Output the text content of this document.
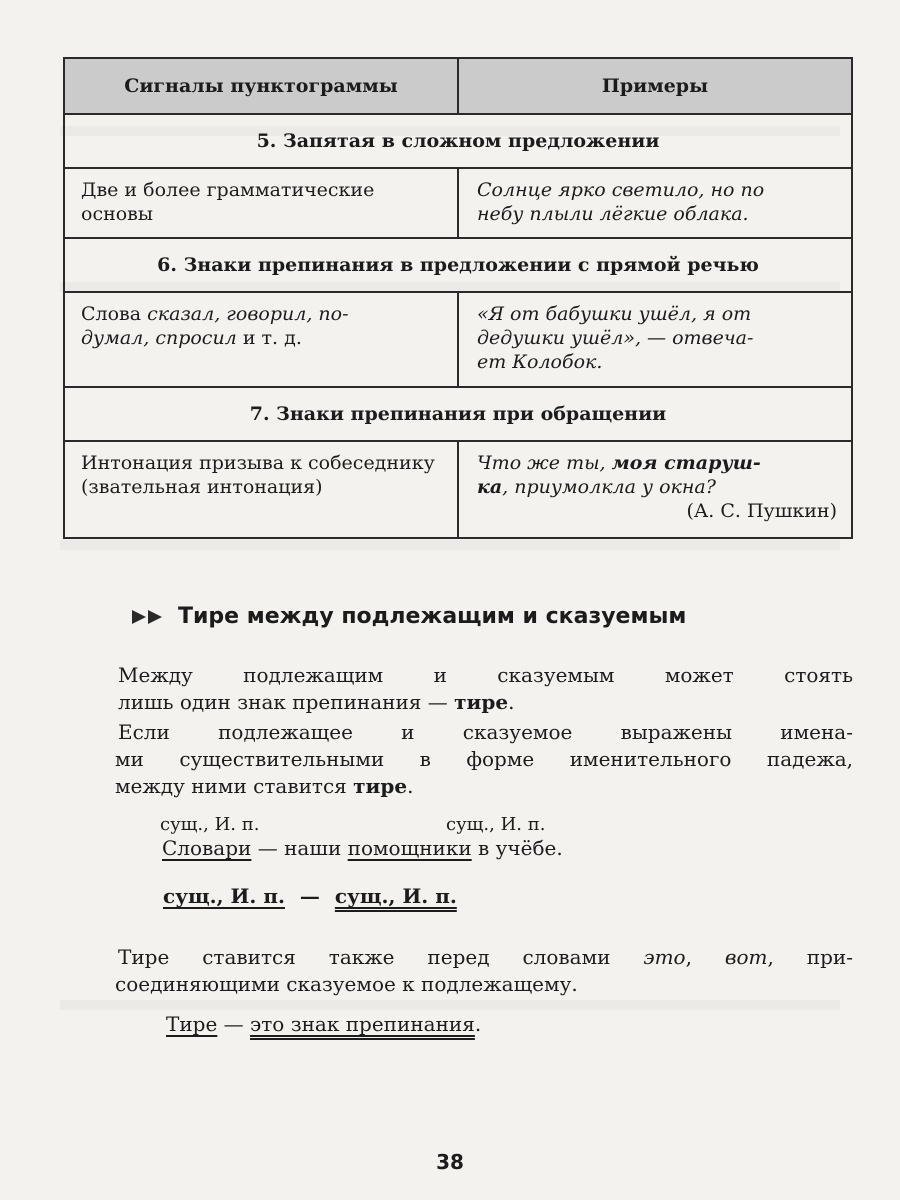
Сигналы пунктограммы	Примеры
5. Запятая в сложном предложении	
Две и более грамматические основы	Солнце ярко светило, но по
небу плыли лёгкие облака.
6. Знаки препинания в предложении с прямой речью	
Слова сказал, говорил, по-
думал, спросил и т. д.	«Я от бабушки ушёл, я от
дедушки ушёл», — отвеча-
ет Колобок.
7. Знаки препинания при обращении	

Интонация призыва к собеседнику (звательная интонация)	Что же ты, моя старуш-
ка, приумолкла у окна?
(А. С. Пушкин)
Тире между подлежащим и сказуемым
Между подлежащим и сказуемым может стоять
лишь один знак препинания — тире.
Если подлежащее и сказуемое выражены имена-
ми существительными в форме именительного падежа,
между ними ставится тире.
сущ., И. п.	сущ., И. п.
Словари — наши помощники в учёбе.
сущ., И. п. — сущ., И. п.
Тире ставится также перед словами это, вот, при-
соединяющими сказуемое к подлежащему.
Тире — это знак препинания.
38
